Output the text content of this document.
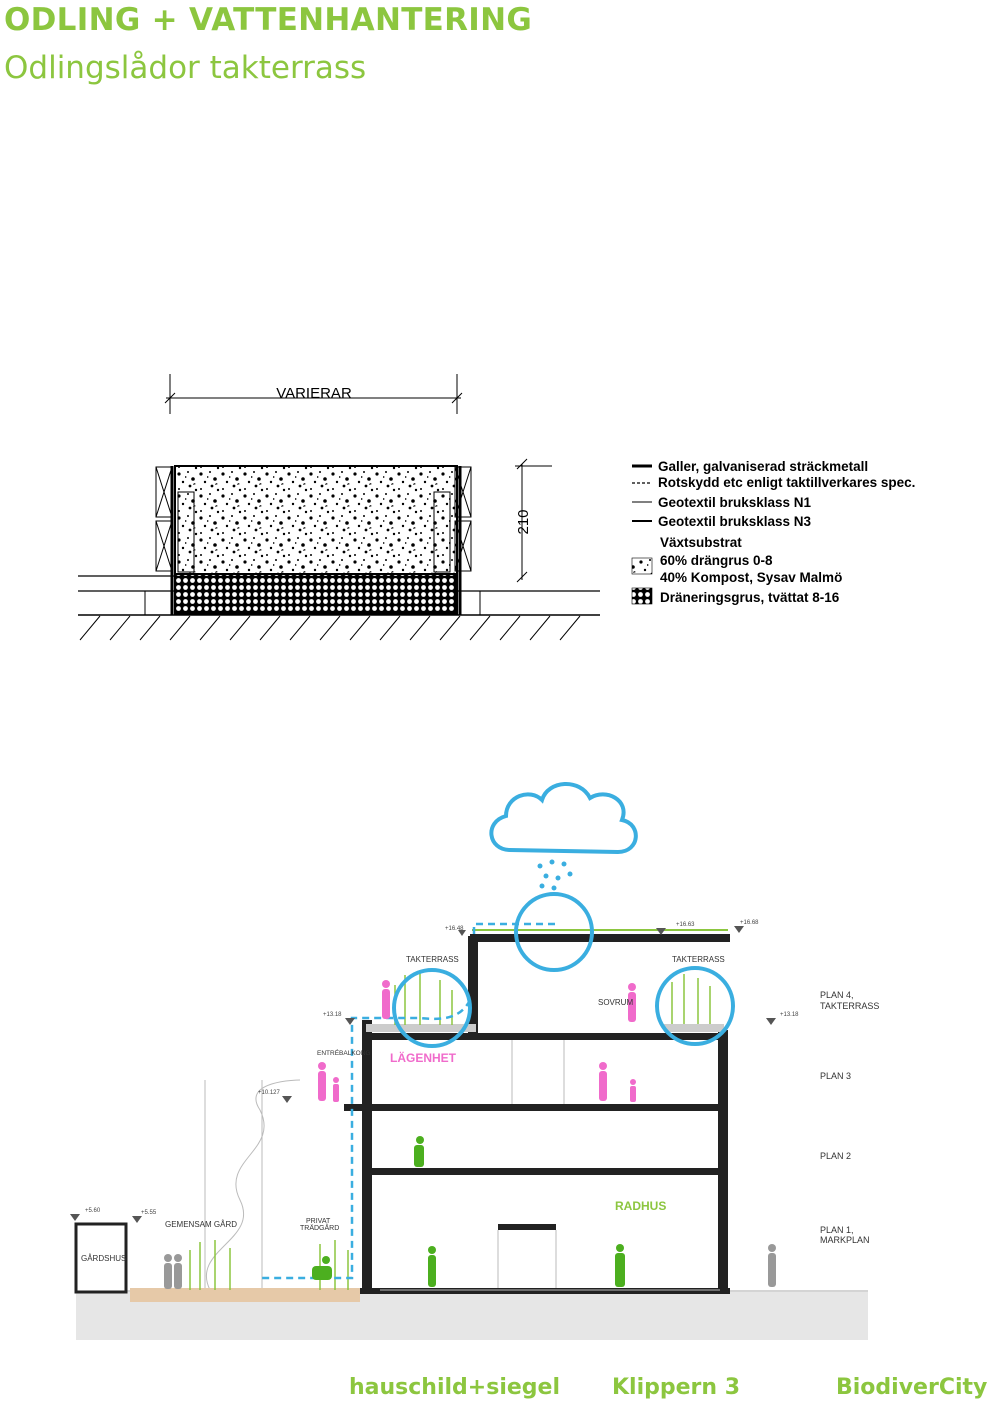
ODLING + VATTENHANTERING
Odlingslådor takterrass
VARIERAR
210
Galler, galvaniserad sträckmetall
Rotskydd etc enligt taktillverkares spec.
Geotextil bruksklass N1
Geotextil bruksklass N3
Växtsubstrat
60% drängrus 0-8
40% Kompost, Sysav Malmö
Dräneringsgrus, tvättat 8-16
+16.48
+16.63	+16.68
+13.18	+13.18
+10.127
+5.60	+5.55
TAKTERRASS	TAKTERRASS
SOVRUM
ENTRÉBALKONG
GEMENSAM GÅRD	PRIVAT
TRÄDGÅRD
GÅRDSHUS
LÄGENHET
RADHUS
PLAN 4,
TAKTERRASS
PLAN 3
PLAN 2
PLAN 1,
MARKPLAN
hauschild+siegel Klippern 3	BiodiverCity
